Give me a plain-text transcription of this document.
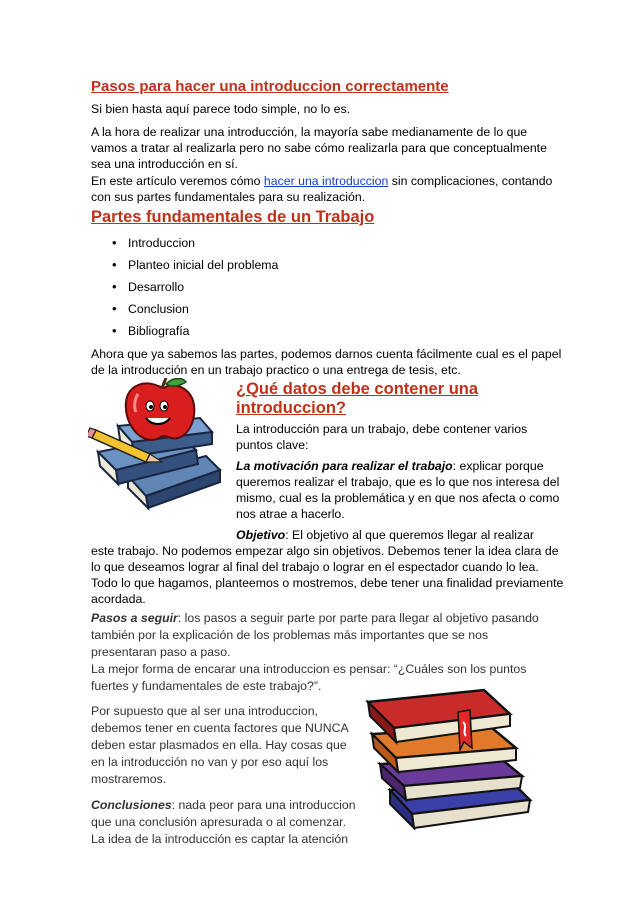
Pasos para hacer una introduccion correctamente
Si bien hasta aquí parece todo simple, no lo es.
A la hora de realizar una introducción, la mayoría sabe medianamente de lo que
vamos a tratar al realizarla pero no sabe cómo realizarla para que conceptualmente
sea una introducción en sí.
En este artículo veremos cómo hacer una introduccion sin complicaciones, contando
con sus partes fundamentales para su realización.
Partes fundamentales de un Trabajo
• Introduccion
• Planteo inicial del problema
• Desarrollo
• Conclusion
• Bibliografía
Ahora que ya sabemos las partes, podemos darnos cuenta fácilmente cual es el papel
de la introducción en un trabajo practico o una entrega de tesis, etc.
¿Qué datos debe contener una
introduccion?
La introducción para un trabajo, debe contener varios
puntos clave:
La motivación para realizar el trabajo: explicar porque
queremos realizar el trabajo, que es lo que nos interesa del
mismo, cual es la problemática y en que nos afecta o como
nos atrae a hacerlo.
Objetivo: El objetivo al que queremos llegar al realizar
este trabajo. No podemos empezar algo sin objetivos. Debemos tener la idea clara de
lo que deseamos lograr al final del trabajo o lograr en el espectador cuando lo lea.
Todo lo que hagamos, planteemos o mostremos, debe tener una finalidad previamente
acordada.
Pasos a seguir: los pasos a seguir parte por parte para llegar al objetivo pasando
también por la explicación de los problemas más importantes que se nos
presentaran paso a paso.
La mejor forma de encarar una introduccion es pensar: “¿Cuáles son los puntos
fuertes y fundamentales de este trabajo?”.
Por supuesto que al ser una introduccion,
debemos tener en cuenta factores que NUNCA
deben estar plasmados en ella. Hay cosas que
en la introducción no van y por eso aquí los
mostraremos.
Conclusiones: nada peor para una introduccion
que una conclusión apresurada o al comenzar.
La idea de la introducción es captar la atención
